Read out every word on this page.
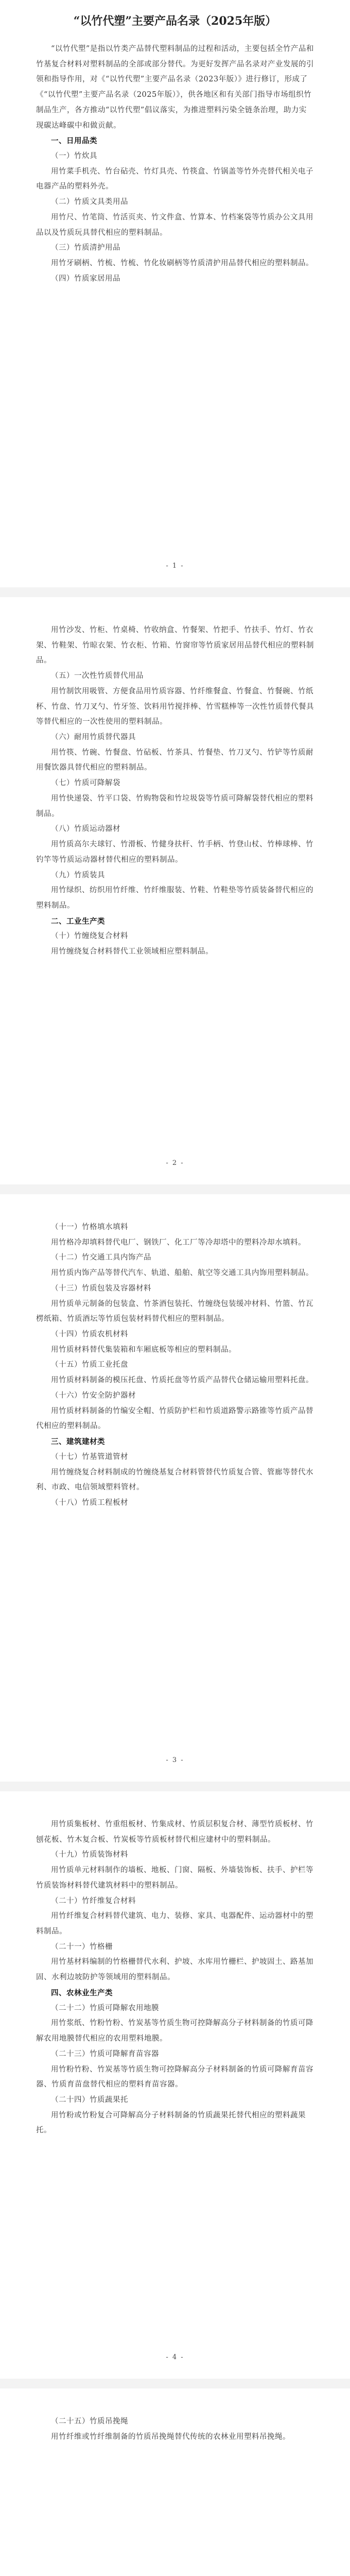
“以竹代塑”主要产品名录（2025年版）

“以竹代塑”是指以竹类产品替代塑料制品的过程和活动，主要包括全竹产品和竹基复合材料对塑料制品的全部或部分替代。为更好发挥产品名录对产业发展的引领和指导作用，对《“以竹代塑”主要产品名录（2023年版）》进行修订，形成了《“以竹代塑”主要产品名录（2025年版）》，供各地区和有关部门指导市场组织竹制品生产，各方推动“以竹代塑”倡议落实，为推进塑料污染全链条治理，助力实现碳达峰碳中和做贡献。

一、日用品类

（一）竹炊具

用竹菜手机壳、竹台砧壳、竹灯具壳、竹筷盒、竹锅盖等竹外壳替代相关电子电器产品的塑料外壳。

（二）竹质文具类用品

用竹尺、竹笔筒、竹活页夹、竹文件盒、竹算本、竹档案袋等竹质办公文具用品以及竹质玩具替代相应的塑料制品。

（三）竹质清护用品

用竹牙刷柄、竹梳、竹梳、竹化妆刷柄等竹质清护用品替代相应的塑料制品。

（四）竹质家居用品

- 1 -

用竹沙发、竹柜、竹桌椅、竹收纳盒、竹餐架、竹把手、竹扶手、竹灯、竹衣架、竹鞋架、竹晾衣架、竹衣柜、竹箱、竹窗帘等竹质家居用品替代相应的塑料制品。

（五）一次性竹质替代用品

用竹制饮用吸管、方便食品用竹质容器、竹纤维餐盒、竹餐盒、竹餐碗、竹纸杯、竹盘、竹刀叉勺、竹牙签、饮料用竹搅拌棒、竹雪糕棒等一次性竹质替代餐具等替代相应的一次性使用的塑料制品。

（六）耐用竹质替代器具

用竹筷、竹碗、竹餐盘、竹砧板、竹茶具、竹餐垫、竹刀叉勺、竹铲等竹质耐用餐饮器具替代相应的塑料制品。

（七）竹质可降解袋

用竹快递袋、竹平口袋、竹购物袋和竹垃圾袋等竹质可降解袋替代相应的塑料制品。

（八）竹质运动器材

用竹质高尔夫球钉、竹滑板、竹健身扶杆、竹手柄、竹登山杖、竹棒球棒、竹钓竿等竹质运动器材替代相应的塑料制品。

（九）竹质装具

用竹绿织、纺织用竹纤维、竹纤维服装、竹鞋、竹鞋垫等竹质装备替代相应的塑料制品。

二、工业生产类

（十）竹缠绕复合材料

用竹缠绕复合材料替代工业领域相应塑料制品。

- 2 -

（十一）竹格填水填料

用竹格冷却填料替代电厂、钢铁厂、化工厂等冷却塔中的塑料冷却水填料。

（十二）竹交通工具内饰产品

用竹质内饰产品等替代汽车、轨道、船舶、航空等交通工具内饰用塑料制品。

（十三）竹质包装及容器材料

用竹质单元制备的包装盒、竹茶酒包装托、竹缠绕包装缓冲材料、竹篮、竹瓦楞纸箱、竹质酒坛等竹质包装材料替代相应的塑料制品。

（十四）竹质农机材料

用竹质材料替代集装箱和车厢底板等相应的塑料制品。

（十五）竹质工业托盘

用竹质材料制备的模压托盘、竹质托盘等竹质产品替代仓储运输用塑料托盘。

（十六）竹安全防护器材

用竹质材料制备的竹编安全帽、竹质防护栏和竹质道路警示路锥等竹质产品替代相应的塑料制品。

三、建筑建材类

（十七）竹基管道管材

用竹缠绕复合材料制成的竹缠绕基复合材料管替代竹质复合管、管廊等替代水利、市政、电信领域塑料管材。

（十八）竹质工程板材

- 3 -

用竹质集板材、竹重组板材、竹集成材、竹质层积复合材、薄型竹质板材、竹刨花板、竹木复合板、竹炭板等竹质板材替代相应建材中的塑料制品。

（十九）竹质装饰材料

用竹质单元材料制作的墙板、地板、门窗、隔板、外墙装饰板、扶手、护栏等竹质装饰材料替代建筑材料中的塑料制品。

（二十）竹纤维复合材料

用竹纤维复合材料替代建筑、电力、装修、家具、电器配件、运动器材中的塑料制品。

（二十一）竹格栅

用竹基材料编制的竹格栅替代水利、护坡、水库用竹栅栏、护坡固土、路基加固、水利边坡防护等领域用的塑料制品。

四、农林业生产类

（二十二）竹质可降解农用地膜

用竹浆纸、竹粉竹粉、竹炭基等竹质生物可控降解高分子材料制备的竹质可降解农用地膜替代相应的农用塑料地膜。

（二十三）竹质可降解育苗容器

用竹粉竹粉、竹炭基等竹质生物可控降解高分子材料制备的竹质可降解育苗容器、竹质育苗盘替代相应的塑料育苗容器。

（二十四）竹质蔬果托

用竹粉或竹粉复合可降解高分子材料制备的竹质蔬果托替代相应的塑料蔬果托。

- 4 -

（二十五）竹质吊挽绳

用竹纤维或竹纤维制备的竹质吊挽绳替代传统的农林业用塑料吊挽绳。
